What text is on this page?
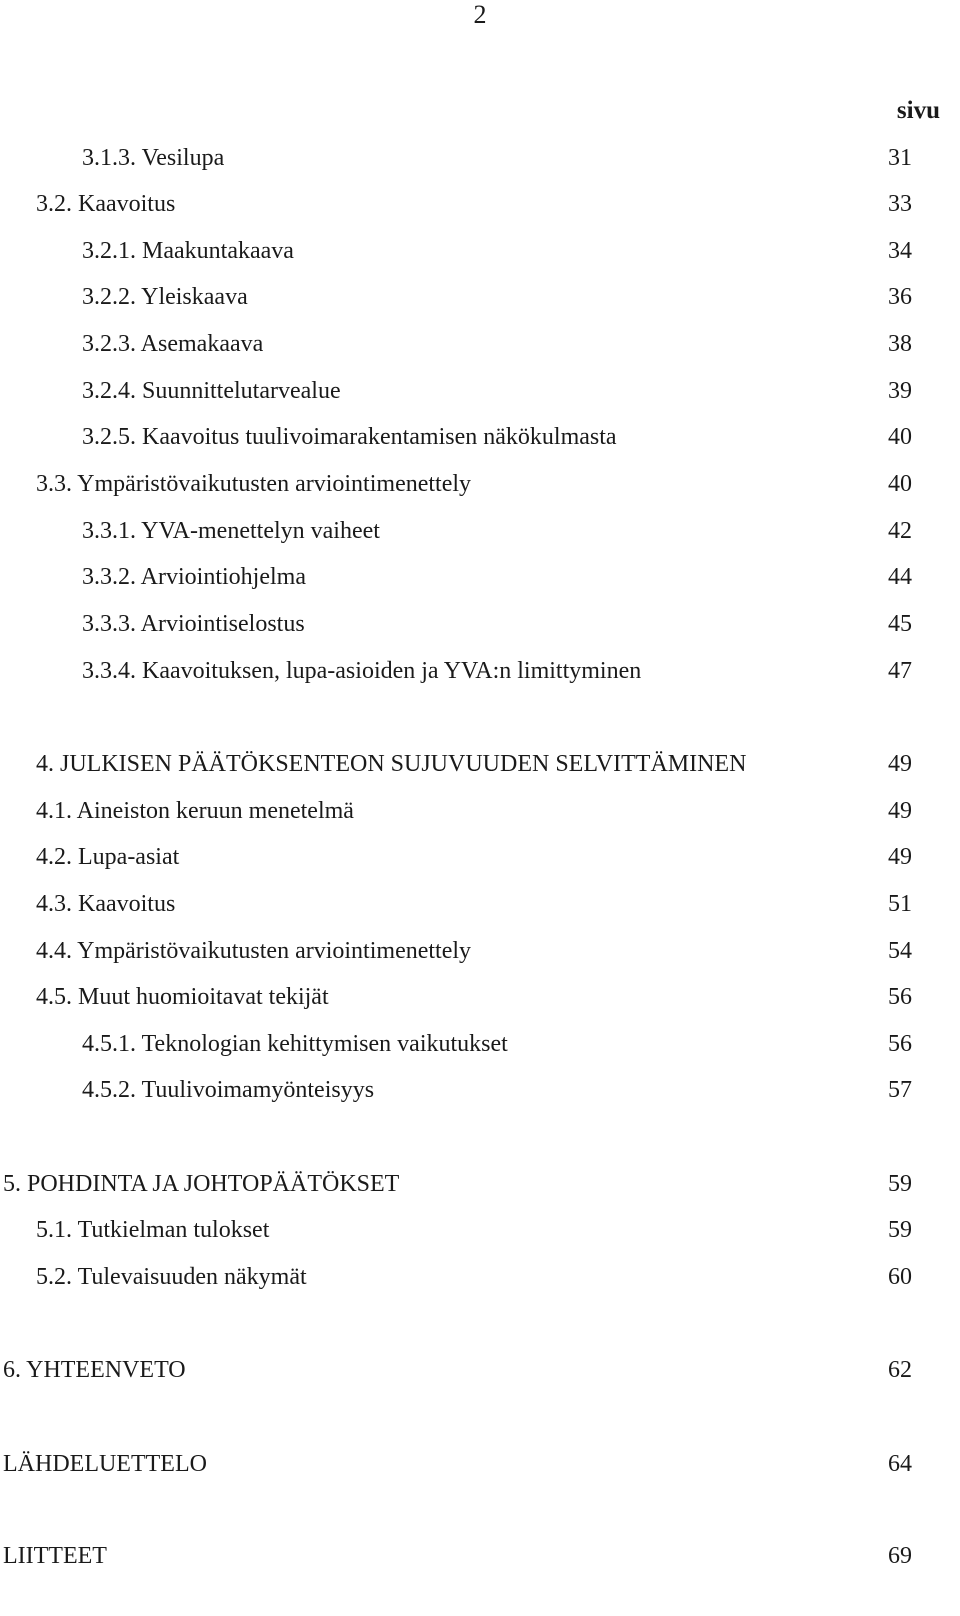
2
sivu
3.1.3. Vesilupa	31
3.2. Kaavoitus	33
3.2.1. Maakuntakaava	34
3.2.2. Yleiskaava	36
3.2.3. Asemakaava	38
3.2.4. Suunnittelutarvealue	39
3.2.5. Kaavoitus tuulivoimarakentamisen näkökulmasta	40
3.3. Ympäristövaikutusten arviointimenettely	40
3.3.1. YVA-menettelyn vaiheet	42
3.3.2. Arviointiohjelma	44
3.3.3. Arviointiselostus	45
3.3.4. Kaavoituksen, lupa-asioiden ja YVA:n limittyminen	47
4. JULKISEN PÄÄTÖKSENTEON SUJUVUUDEN SELVITTÄMINEN	49
4.1. Aineiston keruun menetelmä	49
4.2. Lupa-asiat	49
4.3. Kaavoitus	51
4.4. Ympäristövaikutusten arviointimenettely	54
4.5. Muut huomioitavat tekijät	56
4.5.1. Teknologian kehittymisen vaikutukset	56
4.5.2. Tuulivoimamyönteisyys	57
5. POHDINTA JA JOHTOPÄÄTÖKSET	59
5.1. Tutkielman tulokset	59
5.2. Tulevaisuuden näkymät	60
6. YHTEENVETO	62
LÄHDELUETTELO	64
LIITTEET	69
